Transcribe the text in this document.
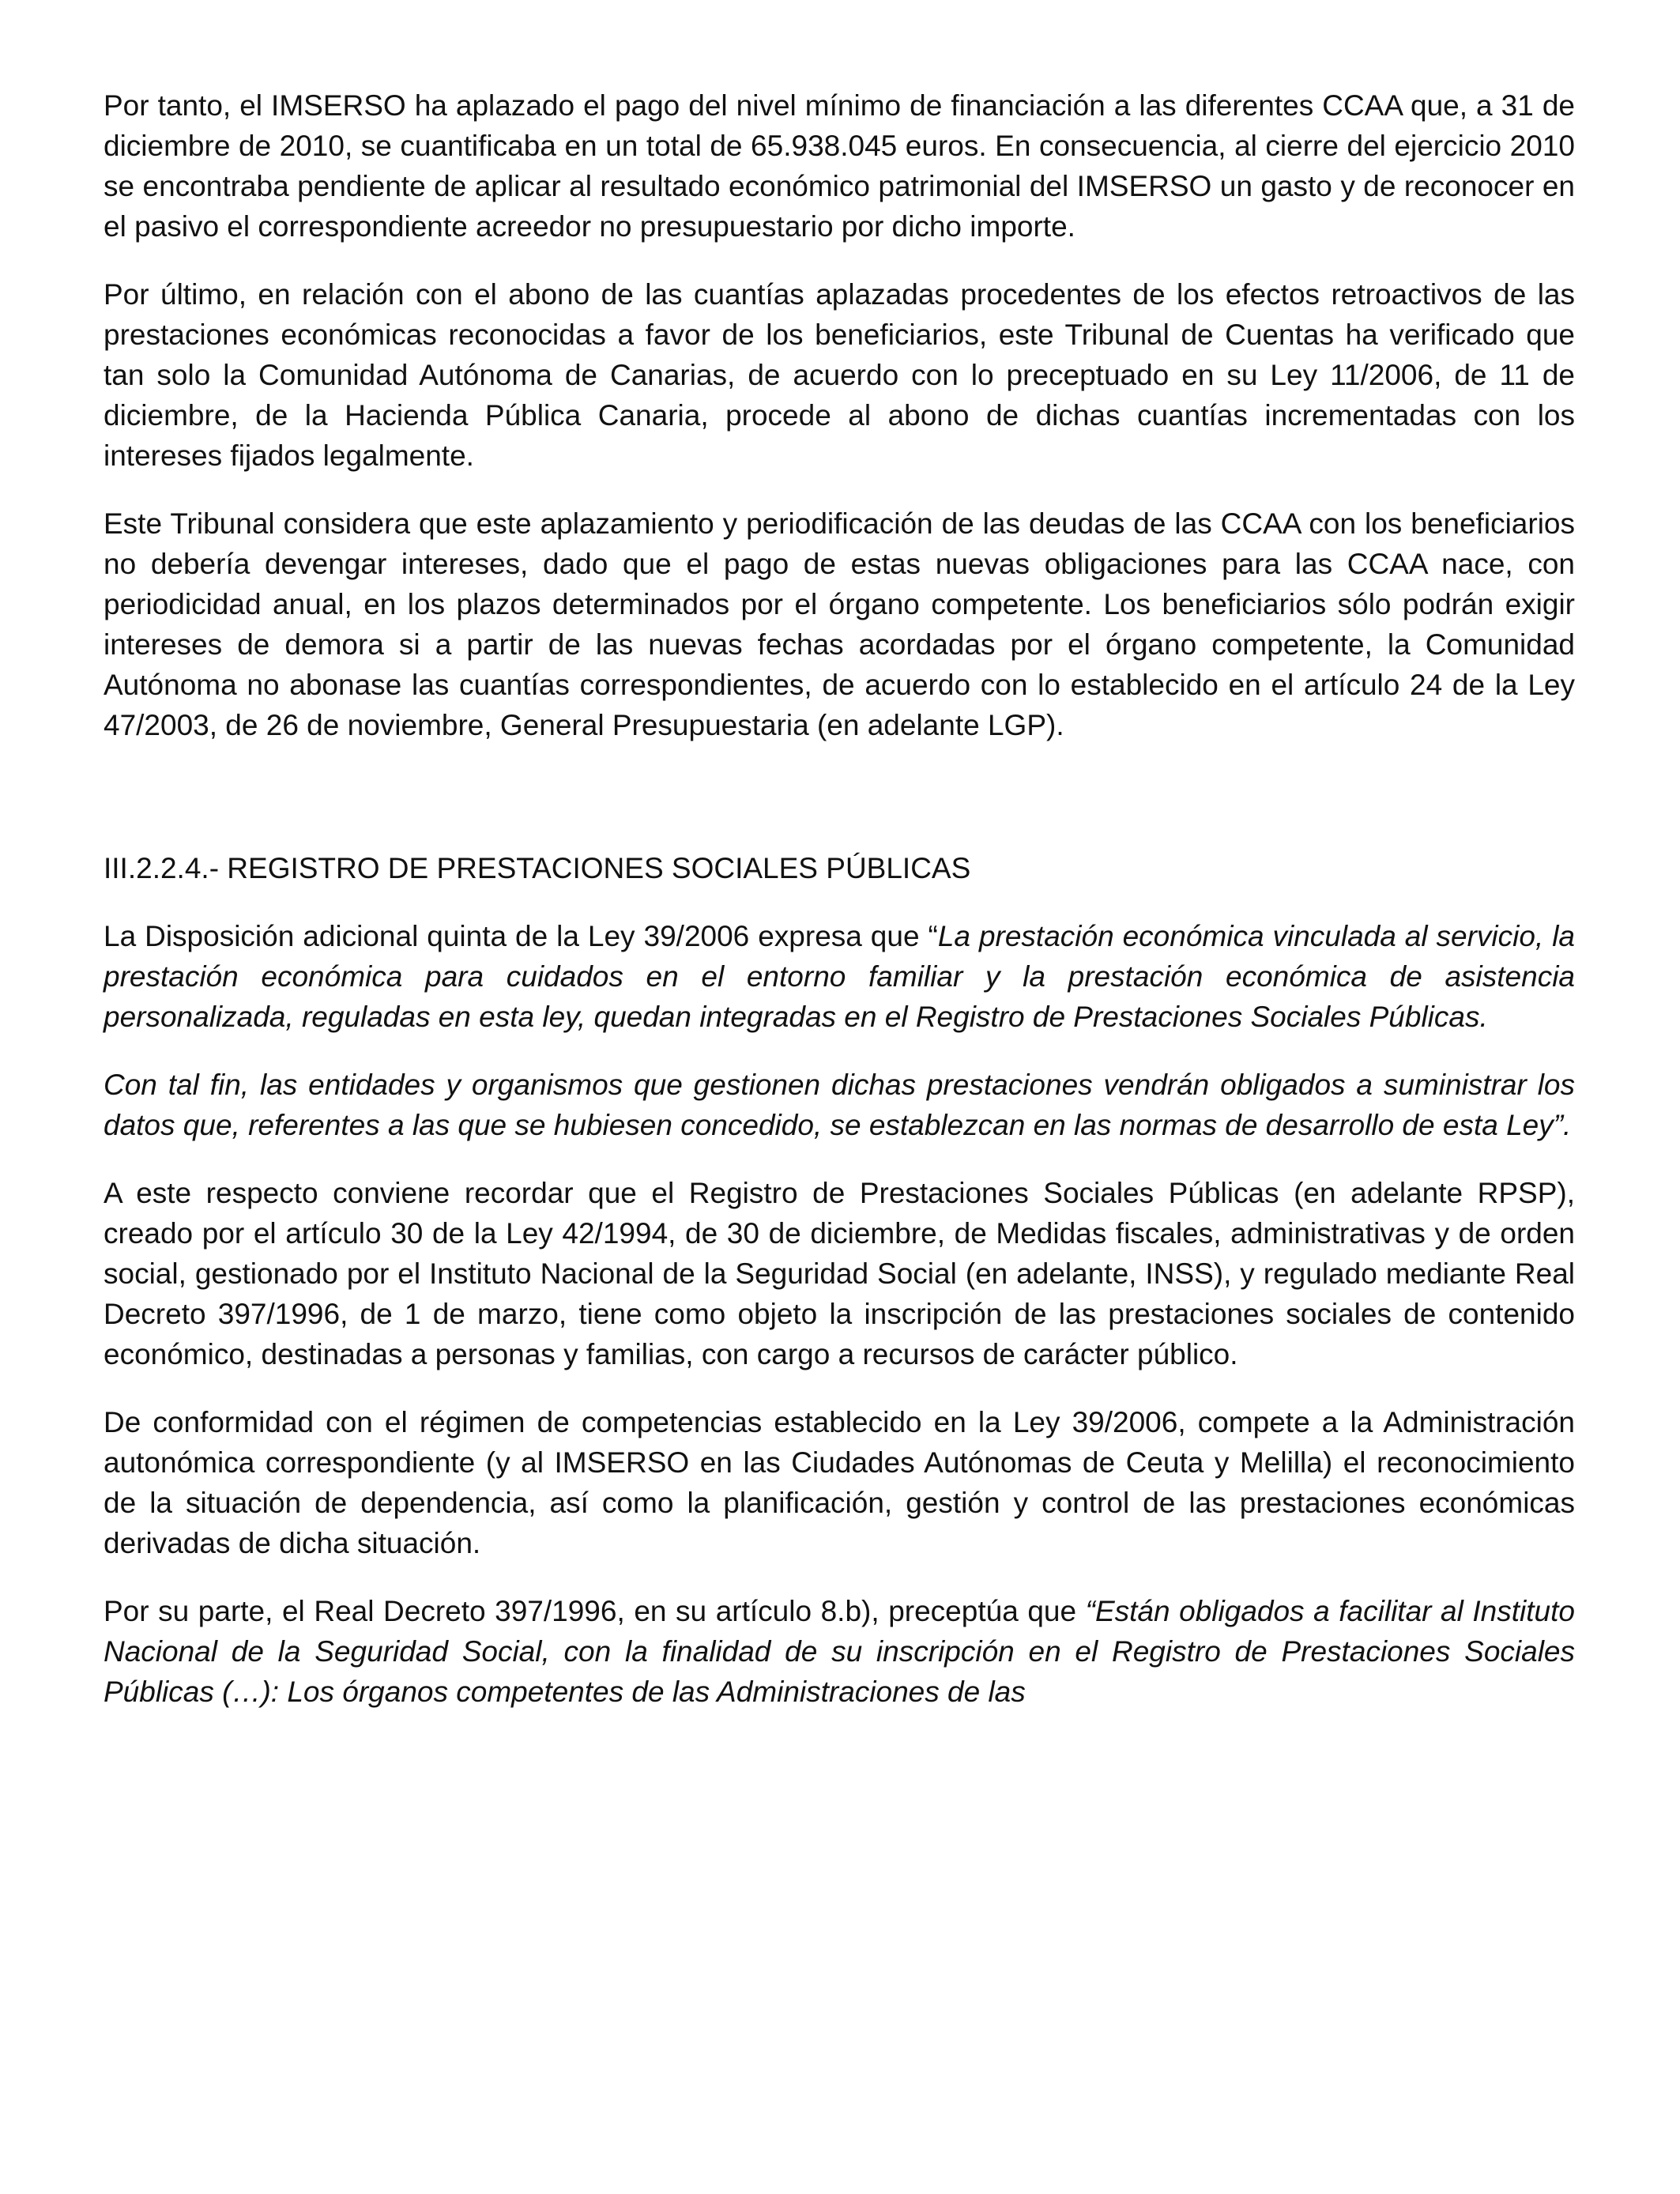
Por tanto, el IMSERSO ha aplazado el pago del nivel mínimo de financiación a las diferentes CCAA que, a 31 de diciembre de 2010, se cuantificaba en un total de 65.938.045 euros. En consecuencia, al cierre del ejercicio 2010 se encontraba pendiente de aplicar al resultado económico patrimonial del IMSERSO un gasto y de reconocer en el pasivo el correspondiente acreedor no presupuestario por dicho importe.

Por último, en relación con el abono de las cuantías aplazadas procedentes de los efectos retroactivos de las prestaciones económicas reconocidas a favor de los beneficiarios, este Tribunal de Cuentas ha verificado que tan solo la Comunidad Autónoma de Canarias, de acuerdo con lo preceptuado en su Ley 11/2006, de 11 de diciembre, de la Hacienda Pública Canaria, procede al abono de dichas cuantías incrementadas con los intereses fijados legalmente.

Este Tribunal considera que este aplazamiento y periodificación de las deudas de las CCAA con los beneficiarios no debería devengar intereses, dado que el pago de estas nuevas obligaciones para las CCAA nace, con periodicidad anual, en los plazos determinados por el órgano competente. Los beneficiarios sólo podrán exigir intereses de demora si a partir de las nuevas fechas acordadas por el órgano competente, la Comunidad Autónoma no abonase las cuantías correspondientes, de acuerdo con lo establecido en el artículo 24 de la Ley 47/2003, de 26 de noviembre, General Presupuestaria (en adelante LGP).

III.2.2.4.- REGISTRO DE PRESTACIONES SOCIALES PÚBLICAS

La Disposición adicional quinta de la Ley 39/2006 expresa que “La prestación económica vinculada al servicio, la prestación económica para cuidados en el entorno familiar y la prestación económica de asistencia personalizada, reguladas en esta ley, quedan integradas en el Registro de Prestaciones Sociales Públicas.

Con tal fin, las entidades y organismos que gestionen dichas prestaciones vendrán obligados a suministrar los datos que, referentes a las que se hubiesen concedido, se establezcan en las normas de desarrollo de esta Ley”.

A este respecto conviene recordar que el Registro de Prestaciones Sociales Públicas (en adelante RPSP), creado por el artículo 30 de la Ley 42/1994, de 30 de diciembre, de Medidas fiscales, administrativas y de orden social, gestionado por el Instituto Nacional de la Seguridad Social (en adelante, INSS), y regulado mediante Real Decreto 397/1996, de 1 de marzo, tiene como objeto la inscripción de las prestaciones sociales de contenido económico, destinadas a personas y familias, con cargo a recursos de carácter público.

De conformidad con el régimen de competencias establecido en la Ley 39/2006, compete a la Administración autonómica correspondiente (y al IMSERSO en las Ciudades Autónomas de Ceuta y Melilla) el reconocimiento de la situación de dependencia, así como la planificación, gestión y control de las prestaciones económicas derivadas de dicha situación.

Por su parte, el Real Decreto 397/1996, en su artículo 8.b), preceptúa que “Están obligados a facilitar al Instituto Nacional de la Seguridad Social, con la finalidad de su inscripción en el Registro de Prestaciones Sociales Públicas (…): Los órganos competentes de las Administraciones de las
